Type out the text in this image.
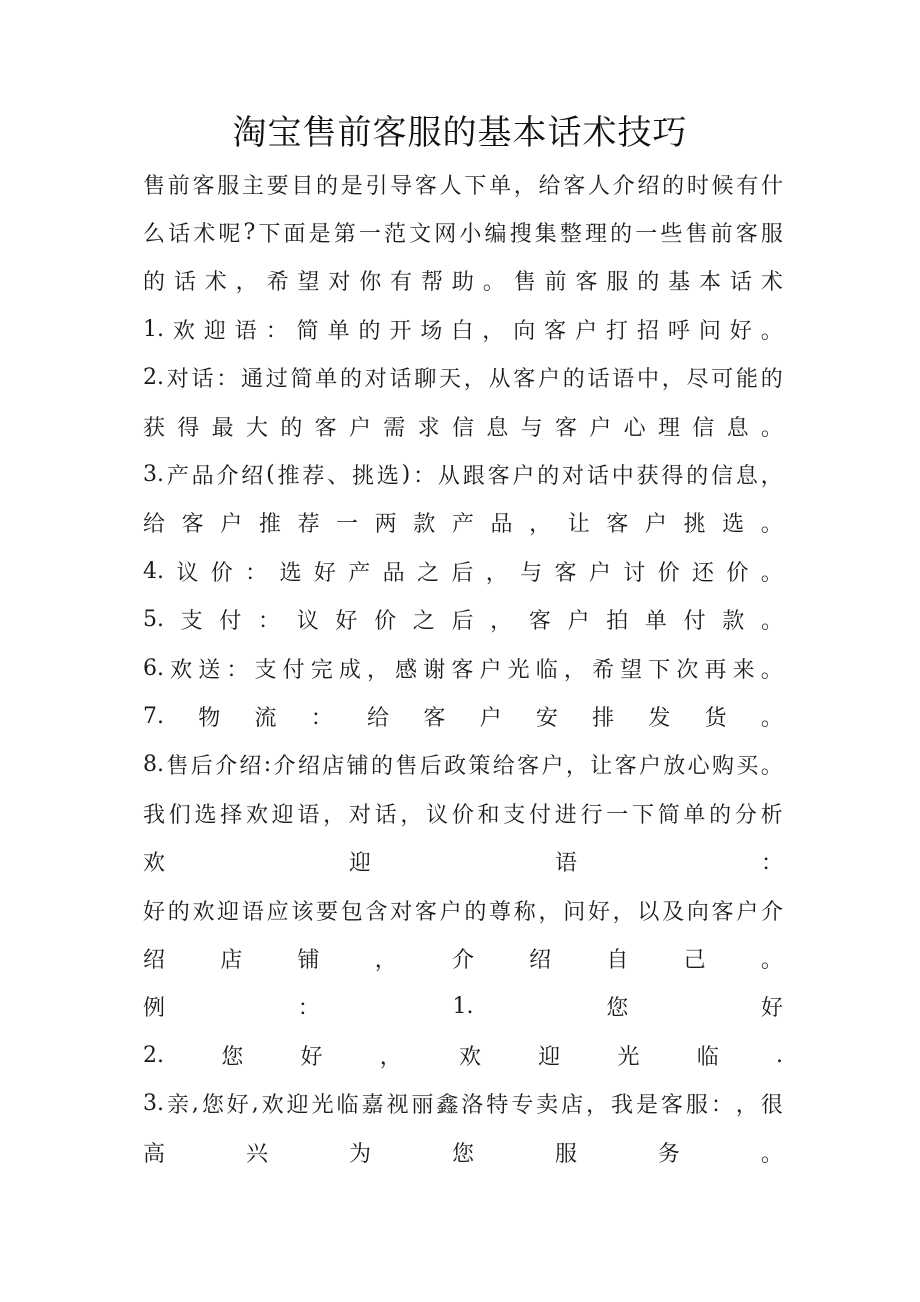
淘宝售前客服的基本话术技巧
售 前 客 服 主 要 目 的 是 引 导 客 人 下 单 ， 给 客 人 介 绍 的 时 候 有 什
么 话 术 呢 ? 下 面 是 第 一 范 文 网 小 编 搜 集 整 理 的 一 些 售 前 客 服
的 话 术 ， 希 望 对 你 有 帮 助 。 售 前 客 服 的 基 本 话 术
1. 欢 迎 语 ： 简 单 的 开 场 白 ， 向 客 户 打 招 呼 问 好 。
2. 对 话 ： 通 过 简 单 的 对 话 聊 天 ， 从 客 户 的 话 语 中 ， 尽 可 能 的
获 得 最 大 的 客 户 需 求 信 息 与 客 户 心 理 信 息 。
3. 产 品 介 绍 ( 推 荐 、 挑 选 ) ： 从 跟 客 户 的 对 话 中 获 得 的 信 息 ，
给 客 户 推 荐 一 两 款 产 品 ， 让 客 户 挑 选 。
4. 议 价 ： 选 好 产 品 之 后 ， 与 客 户 讨 价 还 价 。
5. 支 付 ： 议 好 价 之 后 ， 客 户 拍 单 付 款 。
6. 欢 送 ： 支 付 完 成 ， 感 谢 客 户 光 临 ， 希 望 下 次 再 来 。
7. 物 流 ： 给 客 户 安 排 发 货 。
8. 售 后 介 绍 : 介 绍 店 铺 的 售 后 政 策 给 客 户 ， 让 客 户 放 心 购 买 。
我 们 选 择 欢 迎 语 ， 对 话 ， 议 价 和 支 付 进 行 一 下 简 单 的 分 析
欢	迎	语	：
好 的 欢 迎 语 应 该 要 包 含 对 客 户 的 尊 称 ， 问 好 ， 以 及 向 客 户 介
绍	店	铺	，	介	绍	自	己	。
例	：	1.	您	好
2.	您	好	，	欢	迎	光	临	.
3. 亲 , 您 好 , 欢 迎 光 临 嘉 视 丽 鑫 洛 特 专 卖 店 ， 我 是 客 服 ： ， 很
高	兴	为	您	服	务	。
